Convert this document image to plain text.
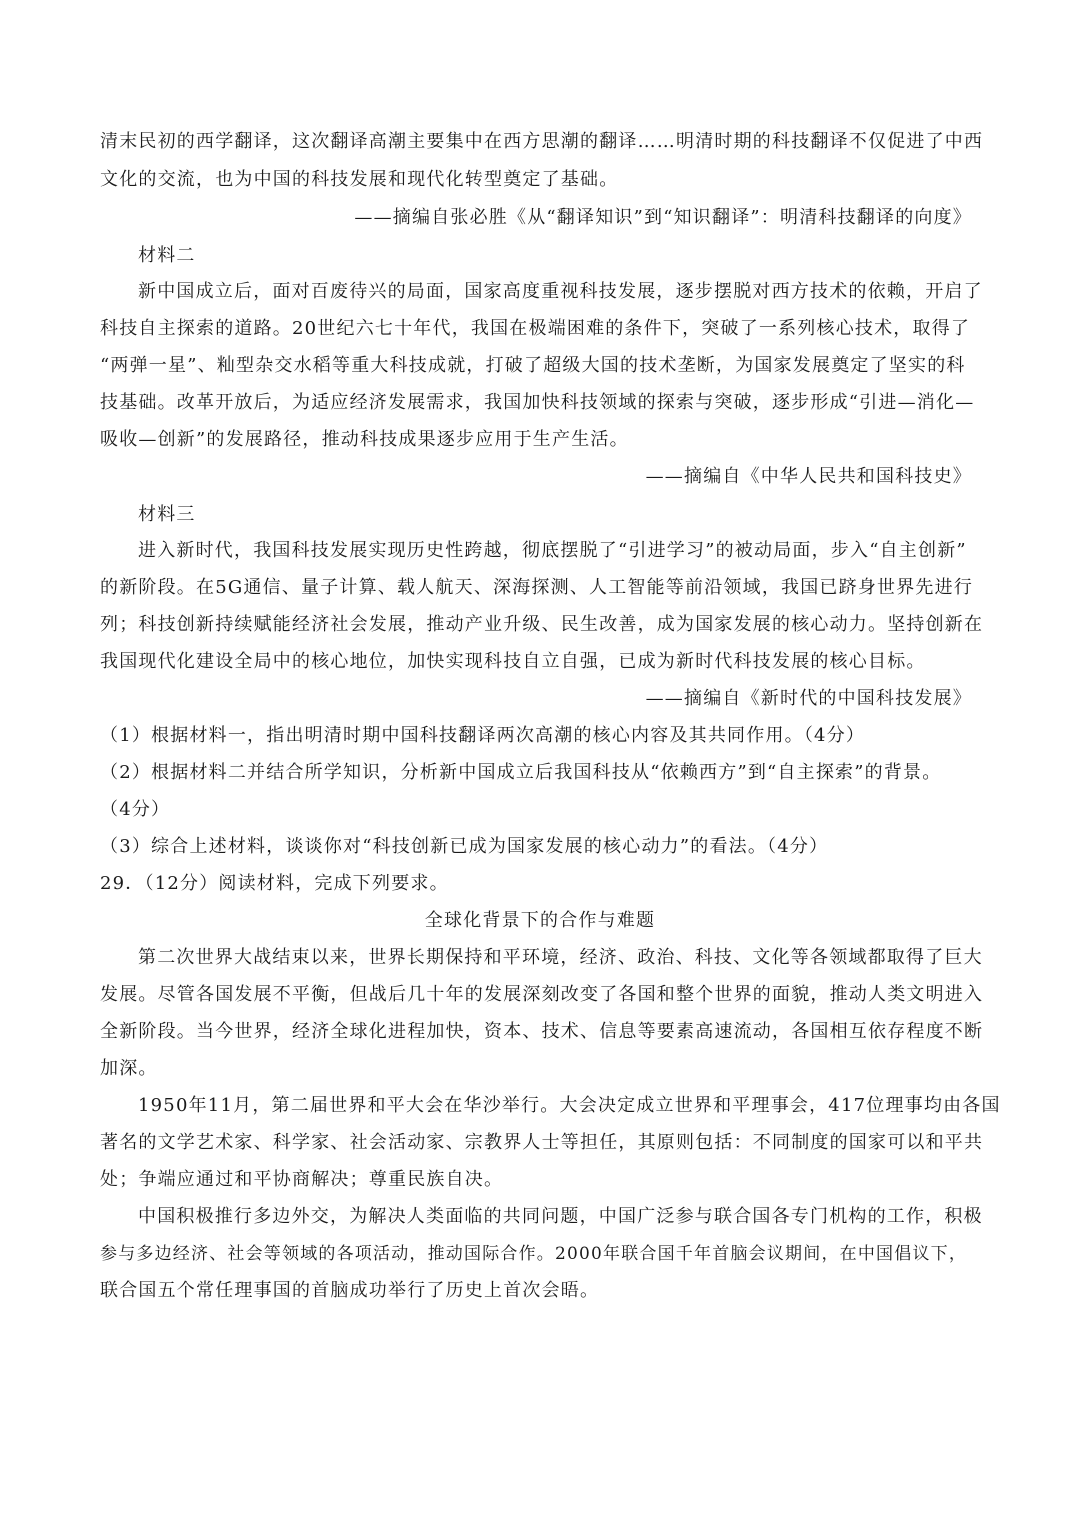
清末民初的西学翻译，这次翻译高潮主要集中在西方思潮的翻译……明清时期的科技翻译不仅促进了中西
文化的交流，也为中国的科技发展和现代化转型奠定了基础。
——摘编自张必胜《从“翻译知识”到“知识翻译”：明清科技翻译的向度》
材料二
新中国成立后，面对百废待兴的局面，国家高度重视科技发展，逐步摆脱对西方技术的依赖，开启了
科技自主探索的道路。20世纪六七十年代，我国在极端困难的条件下，突破了一系列核心技术，取得了
“两弹一星”、籼型杂交水稻等重大科技成就，打破了超级大国的技术垄断，为国家发展奠定了坚实的科
技基础。改革开放后，为适应经济发展需求，我国加快科技领域的探索与突破，逐步形成“引进—消化—
吸收—创新”的发展路径，推动科技成果逐步应用于生产生活。
——摘编自《中华人民共和国科技史》
材料三
进入新时代，我国科技发展实现历史性跨越，彻底摆脱了“引进学习”的被动局面，步入“自主创新”
的新阶段。在5G通信、量子计算、载人航天、深海探测、人工智能等前沿领域，我国已跻身世界先进行
列；科技创新持续赋能经济社会发展，推动产业升级、民生改善，成为国家发展的核心动力。坚持创新在
我国现代化建设全局中的核心地位，加快实现科技自立自强，已成为新时代科技发展的核心目标。
——摘编自《新时代的中国科技发展》
（1）根据材料一，指出明清时期中国科技翻译两次高潮的核心内容及其共同作用。（4分）
（2）根据材料二并结合所学知识，分析新中国成立后我国科技从“依赖西方”到“自主探索”的背景。
（4分）
（3）综合上述材料，谈谈你对“科技创新已成为国家发展的核心动力”的看法。（4分）
29．（12分）阅读材料，完成下列要求。
全球化背景下的合作与难题
第二次世界大战结束以来，世界长期保持和平环境，经济、政治、科技、文化等各领域都取得了巨大
发展。尽管各国发展不平衡，但战后几十年的发展深刻改变了各国和整个世界的面貌，推动人类文明进入
全新阶段。当今世界，经济全球化进程加快，资本、技术、信息等要素高速流动，各国相互依存程度不断
加深。
1950年11月，第二届世界和平大会在华沙举行。大会决定成立世界和平理事会，417位理事均由各国
著名的文学艺术家、科学家、社会活动家、宗教界人士等担任，其原则包括：不同制度的国家可以和平共
处；争端应通过和平协商解决；尊重民族自决。
中国积极推行多边外交，为解决人类面临的共同问题，中国广泛参与联合国各专门机构的工作，积极
参与多边经济、社会等领域的各项活动，推动国际合作。2000年联合国千年首脑会议期间，在中国倡议下，
联合国五个常任理事国的首脑成功举行了历史上首次会晤。
